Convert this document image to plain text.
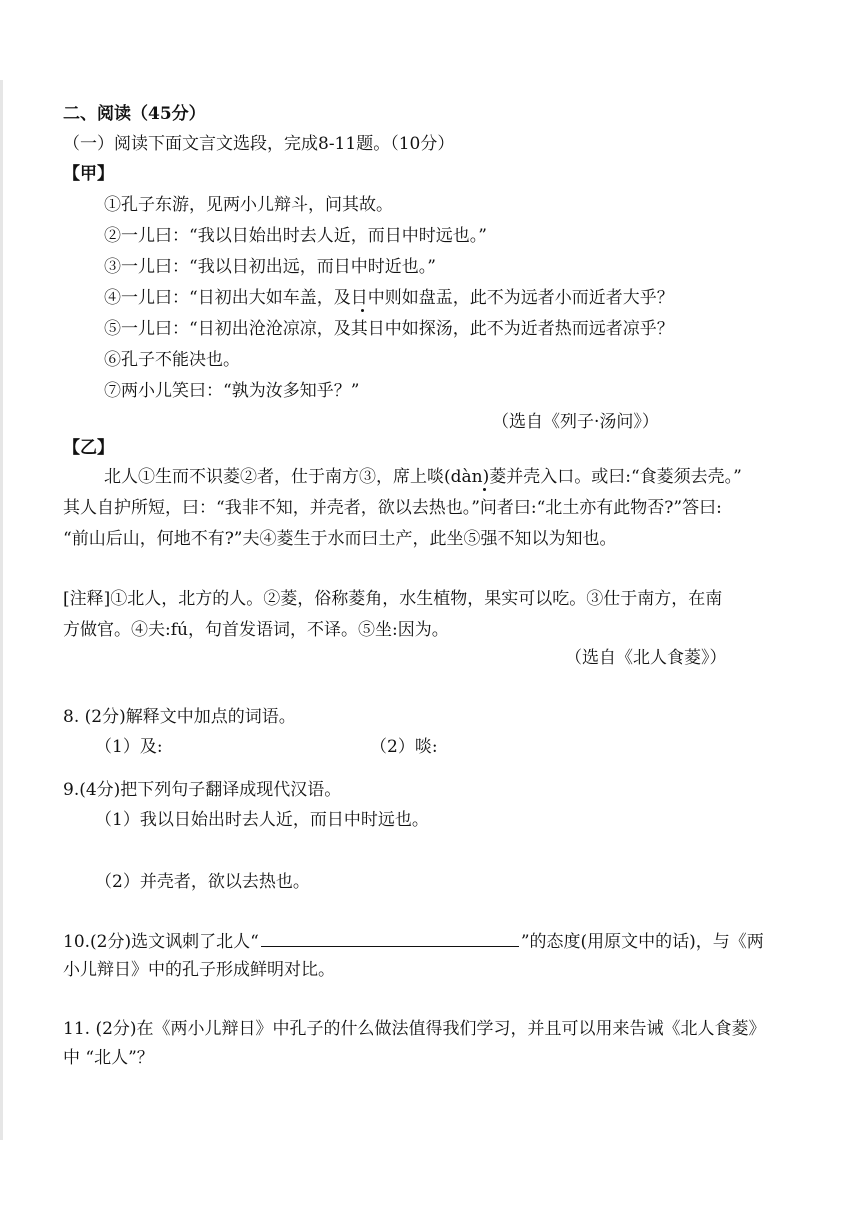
二、阅读（45分）
（一）阅读下面文言文选段，完成8-11题。（10分）
【甲】
①孔子东游，见两小儿辩斗，问其故。
②一儿曰：“我以日始出时去人近，而日中时远也。”
③一儿曰：“我以日初出远，而日中时近也。”
④一儿曰：“日初出大如车盖，及日中则如盘盂，此不为远者小而近者大乎？
⑤一儿曰：“日初出沧沧凉凉，及其日中如探汤，此不为近者热而远者凉乎？
⑥孔子不能决也。
⑦两小儿笑曰：“孰为汝多知乎？”
（选自《列子·汤问》）
【乙】
北人①生而不识菱②者，仕于南方③，席上啖(dàn)菱并壳入口。或曰:“食菱须去壳。”
其人自护所短，曰：“我非不知，并壳者，欲以去热也。”问者曰:“北土亦有此物否?”答曰:
“前山后山，何地不有?”夫④菱生于水而曰土产，此坐⑤强不知以为知也。
[注释]①北人，北方的人。②菱，俗称菱角，水生植物，果实可以吃。③仕于南方，在南
方做官。④夫:fú，句首发语词，不译。⑤坐:因为。
（选自《北人食菱》）
8. (2分)解释文中加点的词语。
（1）及:	（2）啖:
9.(4分)把下列句子翻译成现代汉语。
（1）我以日始出时去人近，而日中时远也。
（2）并壳者，欲以去热也。
10.(2分)选文讽刺了北人“	”的态度(用原文中的话)，与《两
小儿辩日》中的孔子形成鲜明对比。
11. (2分)在《两小儿辩日》中孔子的什么做法值得我们学习，并且可以用来告诫《北人食菱》
中 “北人”？
